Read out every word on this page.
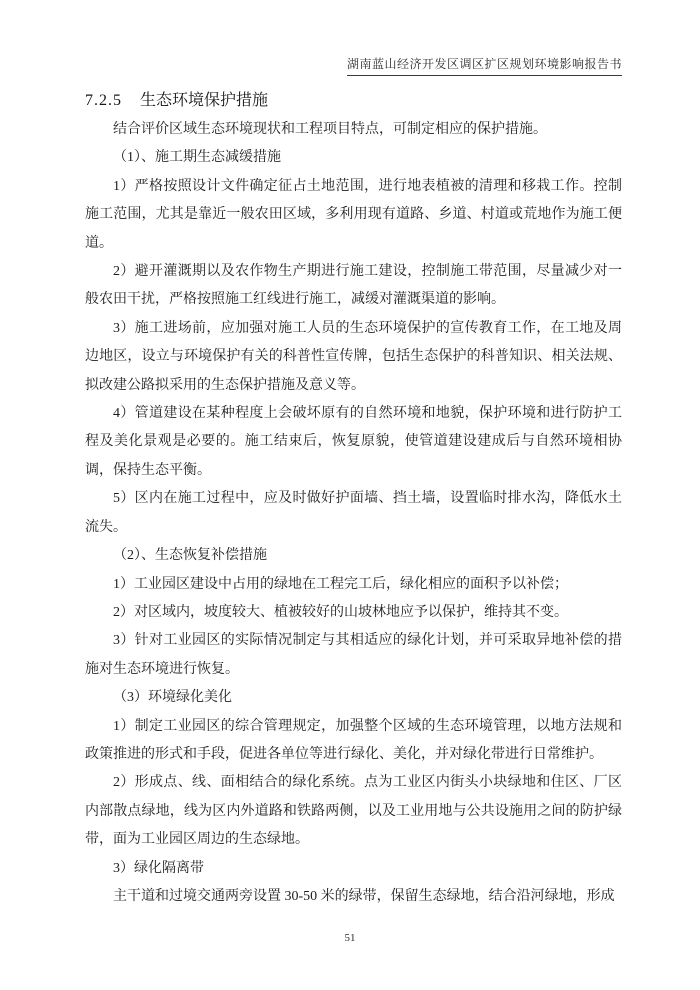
湖南蓝山经济开发区调区扩区规划环境影响报告书
7.2.5 生态环境保护措施

结合评价区域生态环境现状和工程项目特点，可制定相应的保护措施。

（1）、施工期生态减缓措施

1）严格按照设计文件确定征占土地范围，进行地表植被的清理和移栽工作。控制施工范围，尤其是靠近一般农田区域，多利用现有道路、乡道、村道或荒地作为施工便道。

2）避开灌溉期以及农作物生产期进行施工建设，控制施工带范围，尽量减少对一般农田干扰，严格按照施工红线进行施工，减缓对灌溉渠道的影响。

3）施工进场前，应加强对施工人员的生态环境保护的宣传教育工作，在工地及周边地区，设立与环境保护有关的科普性宣传牌，包括生态保护的科普知识、相关法规、拟改建公路拟采用的生态保护措施及意义等。

4）管道建设在某种程度上会破坏原有的自然环境和地貌，保护环境和进行防护工程及美化景观是必要的。施工结束后，恢复原貌，使管道建设建成后与自然环境相协调，保持生态平衡。

5）区内在施工过程中，应及时做好护面墙、挡土墙，设置临时排水沟，降低水土流失。

（2）、生态恢复补偿措施

1）工业园区建设中占用的绿地在工程完工后，绿化相应的面积予以补偿；

2）对区域内，坡度较大、植被较好的山坡林地应予以保护，维持其不变。

3）针对工业园区的实际情况制定与其相适应的绿化计划，并可采取异地补偿的措施对生态环境进行恢复。

（3）环境绿化美化

1）制定工业园区的综合管理规定，加强整个区域的生态环境管理，以地方法规和政策推进的形式和手段，促进各单位等进行绿化、美化，并对绿化带进行日常维护。

2）形成点、线、面相结合的绿化系统。点为工业区内街头小块绿地和住区、厂区内部散点绿地，线为区内外道路和铁路两侧，以及工业用地与公共设施用之间的防护绿带，面为工业园区周边的生态绿地。

3）绿化隔离带

主干道和过境交通两旁设置 30-50 米的绿带，保留生态绿地，结合沿河绿地，形成

51
